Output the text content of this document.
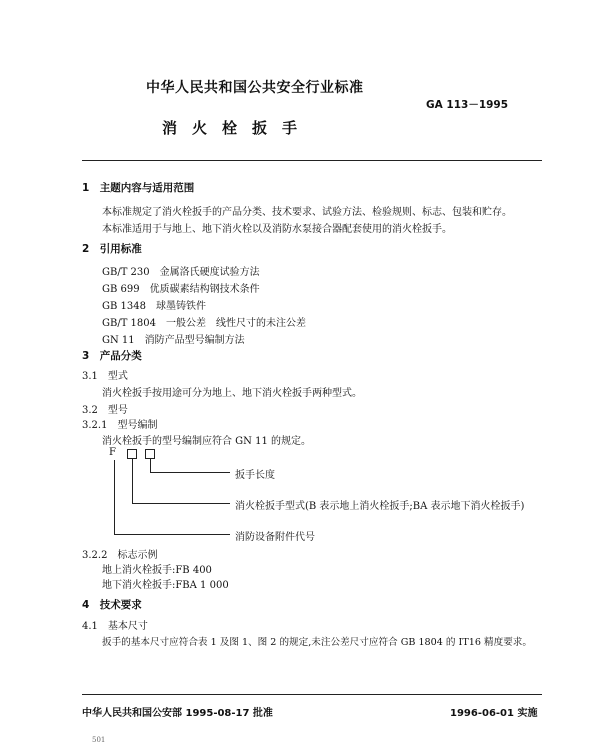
中华人民共和国公共安全行业标准
GA 113－1995
消　火　栓　扳　手
1　主题内容与适用范围
本标准规定了消火栓扳手的产品分类、技术要求、试验方法、检验规则、标志、包装和贮存。
本标准适用于与地上、地下消火栓以及消防水泵接合器配套使用的消火栓扳手。
2　引用标准
GB/T 230　金属洛氏硬度试验方法
GB 699　优质碳素结构钢技术条件
GB 1348　球墨铸铁件
GB/T 1804　一般公差　线性尺寸的未注公差
GN 11　消防产品型号编制方法
3　产品分类
3.1　型式
消火栓扳手按用途可分为地上、地下消火栓扳手两种型式。
3.2　型号
3.2.1　型号编制
消火栓扳手的型号编制应符合 GN 11 的规定。
F
扳手长度
消火栓扳手型式(B 表示地上消火栓扳手;BA 表示地下消火栓扳手)
消防设备附件代号
3.2.2　标志示例
地上消火栓扳手:FB 400
地下消火栓扳手:FBA 1 000
4　技术要求
4.1　基本尺寸
扳手的基本尺寸应符合表 1 及图 1、图 2 的规定,未注公差尺寸应符合 GB 1804 的 IT16 精度要求。
中华人民共和国公安部 1995-08-17 批准	1996-06-01 实施
501
